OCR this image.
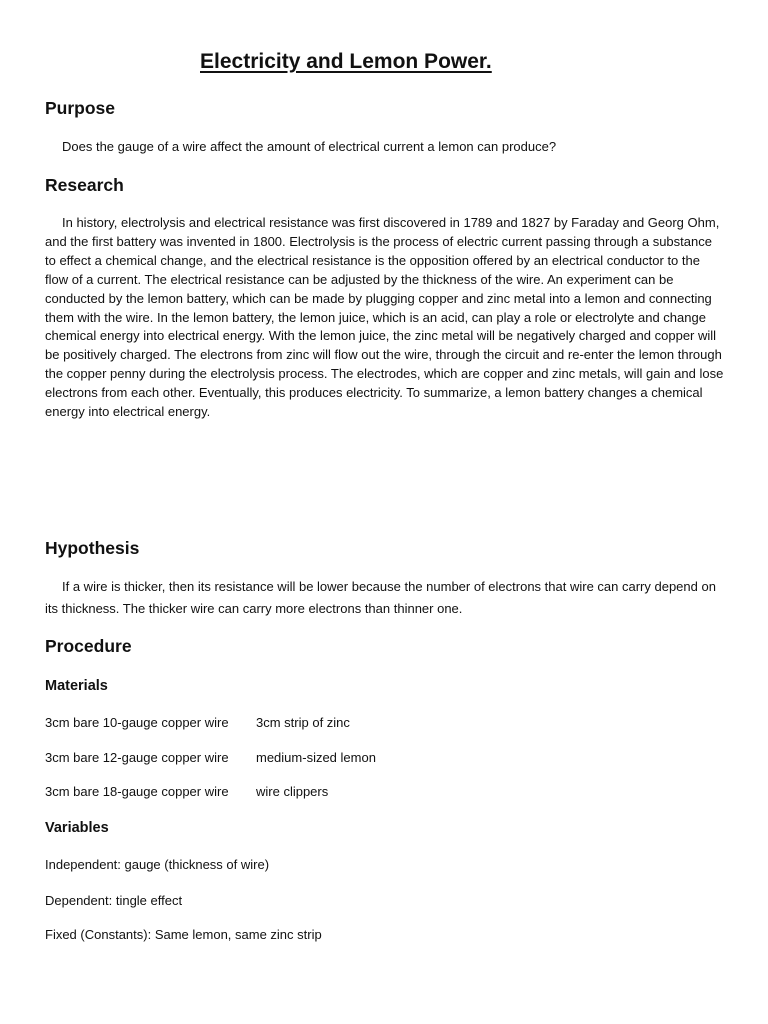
Electricity and Lemon Power.
Purpose

Does the gauge of a wire affect the amount of electrical current a lemon can produce?

Research

In history, electrolysis and electrical resistance was first discovered in 1789 and 1827 by Faraday and Georg Ohm, and the first battery was invented in 1800. Electrolysis is the process of electric current passing through a substance to effect a chemical change, and the electrical resistance is the opposition offered by an electrical conductor to the flow of a current. The electrical resistance can be adjusted by the thickness of the wire. An experiment can be conducted by the lemon battery, which can be made by plugging copper and zinc metal into a lemon and connecting them with the wire. In the lemon battery, the lemon juice, which is an acid, can play a role or electrolyte and change chemical energy into electrical energy. With the lemon juice, the zinc metal will be negatively charged and copper will be positively charged. The electrons from zinc will flow out the wire, through the circuit and re-enter the lemon through the copper penny during the electrolysis process. The electrodes, which are copper and zinc metals, will gain and lose electrons from each other. Eventually, this produces electricity. To summarize, a lemon battery changes a chemical energy into electrical energy.

Hypothesis

If a wire is thicker, then its resistance will be lower because the number of electrons that wire can carry depend on its thickness. The thicker wire can carry more electrons than thinner one.

Procedure
Materials

3cm bare 10-gauge copper wire 3cm strip of zinc

3cm bare 12-gauge copper wire medium-sized lemon

3cm bare 18-gauge copper wire wire clippers

Variables

Independent: gauge (thickness of wire)

Dependent: tingle effect

Fixed (Constants): Same lemon, same zinc strip
